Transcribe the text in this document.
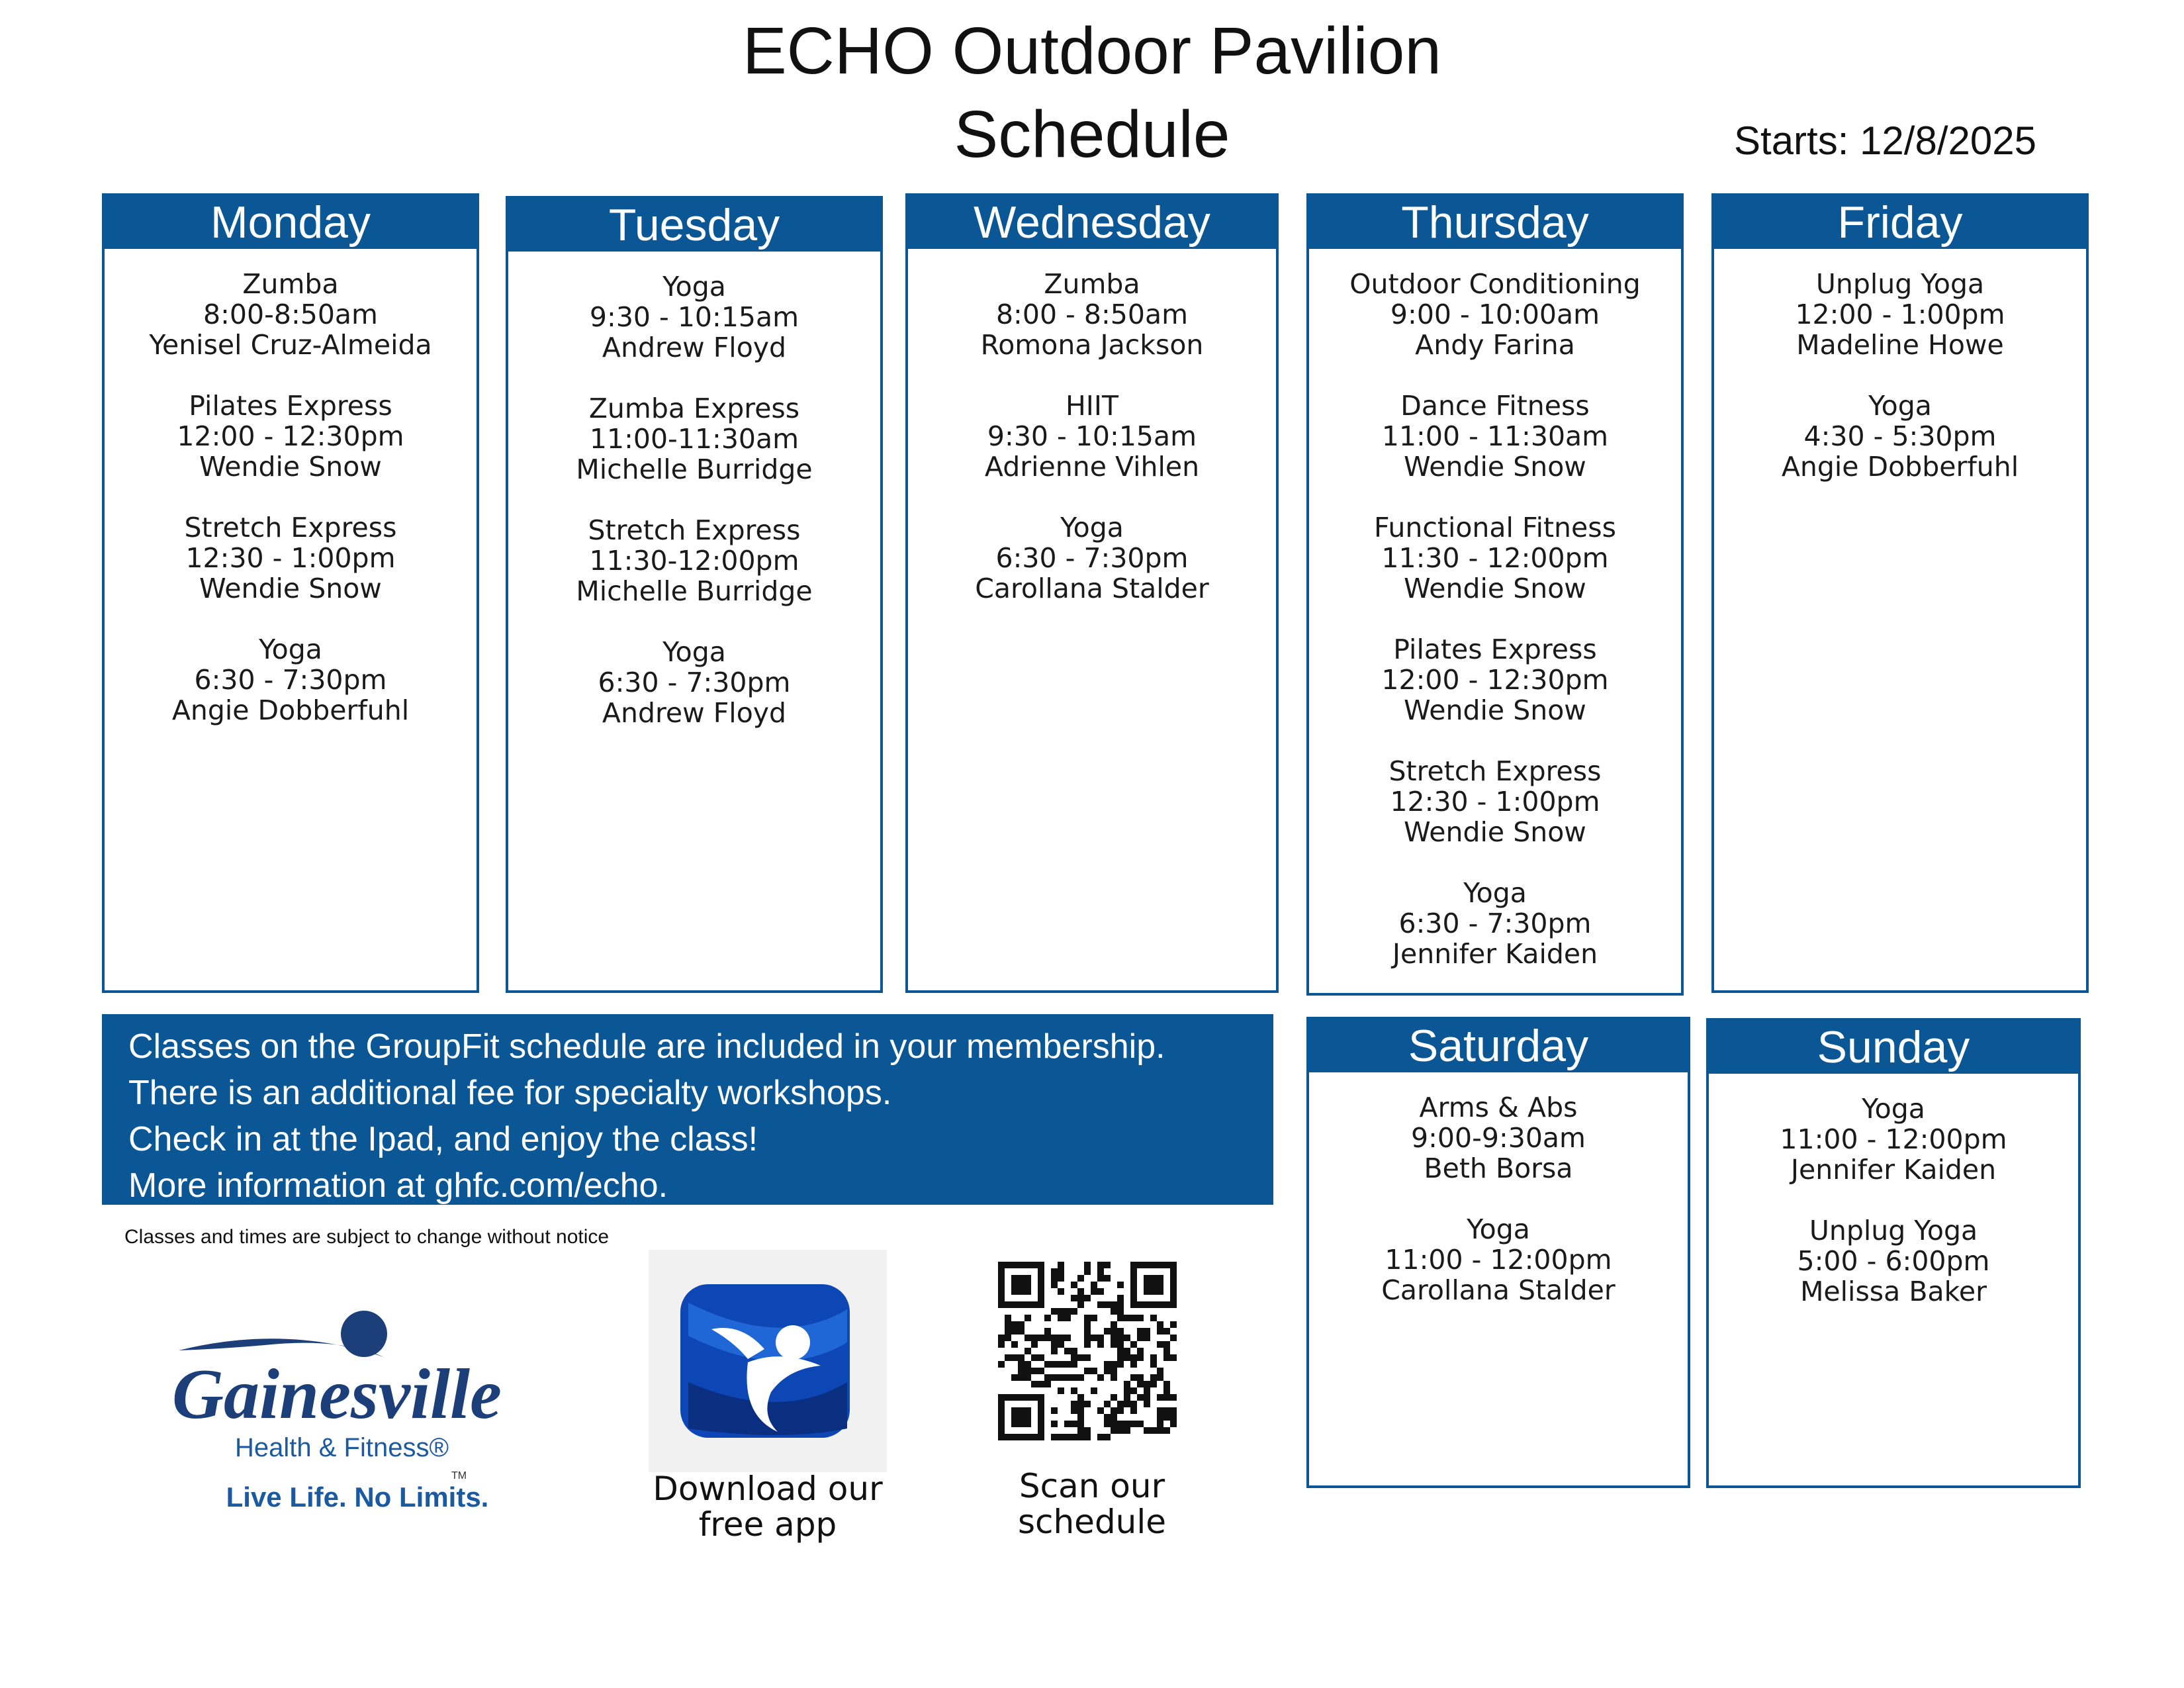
ECHO Outdoor Pavilion
Schedule	Starts: 12/8/2025
Monday
Zumba
8:00-8:50am
Yenisel Cruz-Almeida
Pilates Express
12:00 - 12:30pm
Wendie Snow
Stretch Express
12:30 - 1:00pm
Wendie Snow
Yoga
6:30 - 7:30pm
Angie Dobberfuhl
Tuesday
Yoga
9:30 - 10:15am
Andrew Floyd
Zumba Express
11:00-11:30am
Michelle Burridge
Stretch Express
11:30-12:00pm
Michelle Burridge
Yoga
6:30 - 7:30pm
Andrew Floyd
Wednesday
Zumba
8:00 - 8:50am
Romona Jackson
HIIT
9:30 - 10:15am
Adrienne Vihlen
Yoga
6:30 - 7:30pm
Carollana Stalder
Thursday
Outdoor Conditioning
9:00 - 10:00am
Andy Farina
Dance Fitness
11:00 - 11:30am
Wendie Snow
Functional Fitness
11:30 - 12:00pm
Wendie Snow
Pilates Express
12:00 - 12:30pm
Wendie Snow
Stretch Express
12:30 - 1:00pm
Wendie Snow
Yoga
6:30 - 7:30pm
Jennifer Kaiden
Friday
Unplug Yoga
12:00 - 1:00pm
Madeline Howe
Yoga
4:30 - 5:30pm
Angie Dobberfuhl
Saturday
Arms & Abs
9:00-9:30am
Beth Borsa
Yoga
11:00 - 12:00pm
Carollana Stalder
Sunday
Yoga
11:00 - 12:00pm
Jennifer Kaiden
Unplug Yoga
5:00 - 6:00pm
Melissa Baker
Classes on the GroupFit schedule are included in your membership.
There is an additional fee for specialty workshops.
Check in at the Ipad, and enjoy the class!
More information at ghfc.com/echo.
Classes and times are subject to change without notice
Gainesville
Health & Fitness®
TM
Live Life. No Limits.	Download our
free app
Scan our
schedule
